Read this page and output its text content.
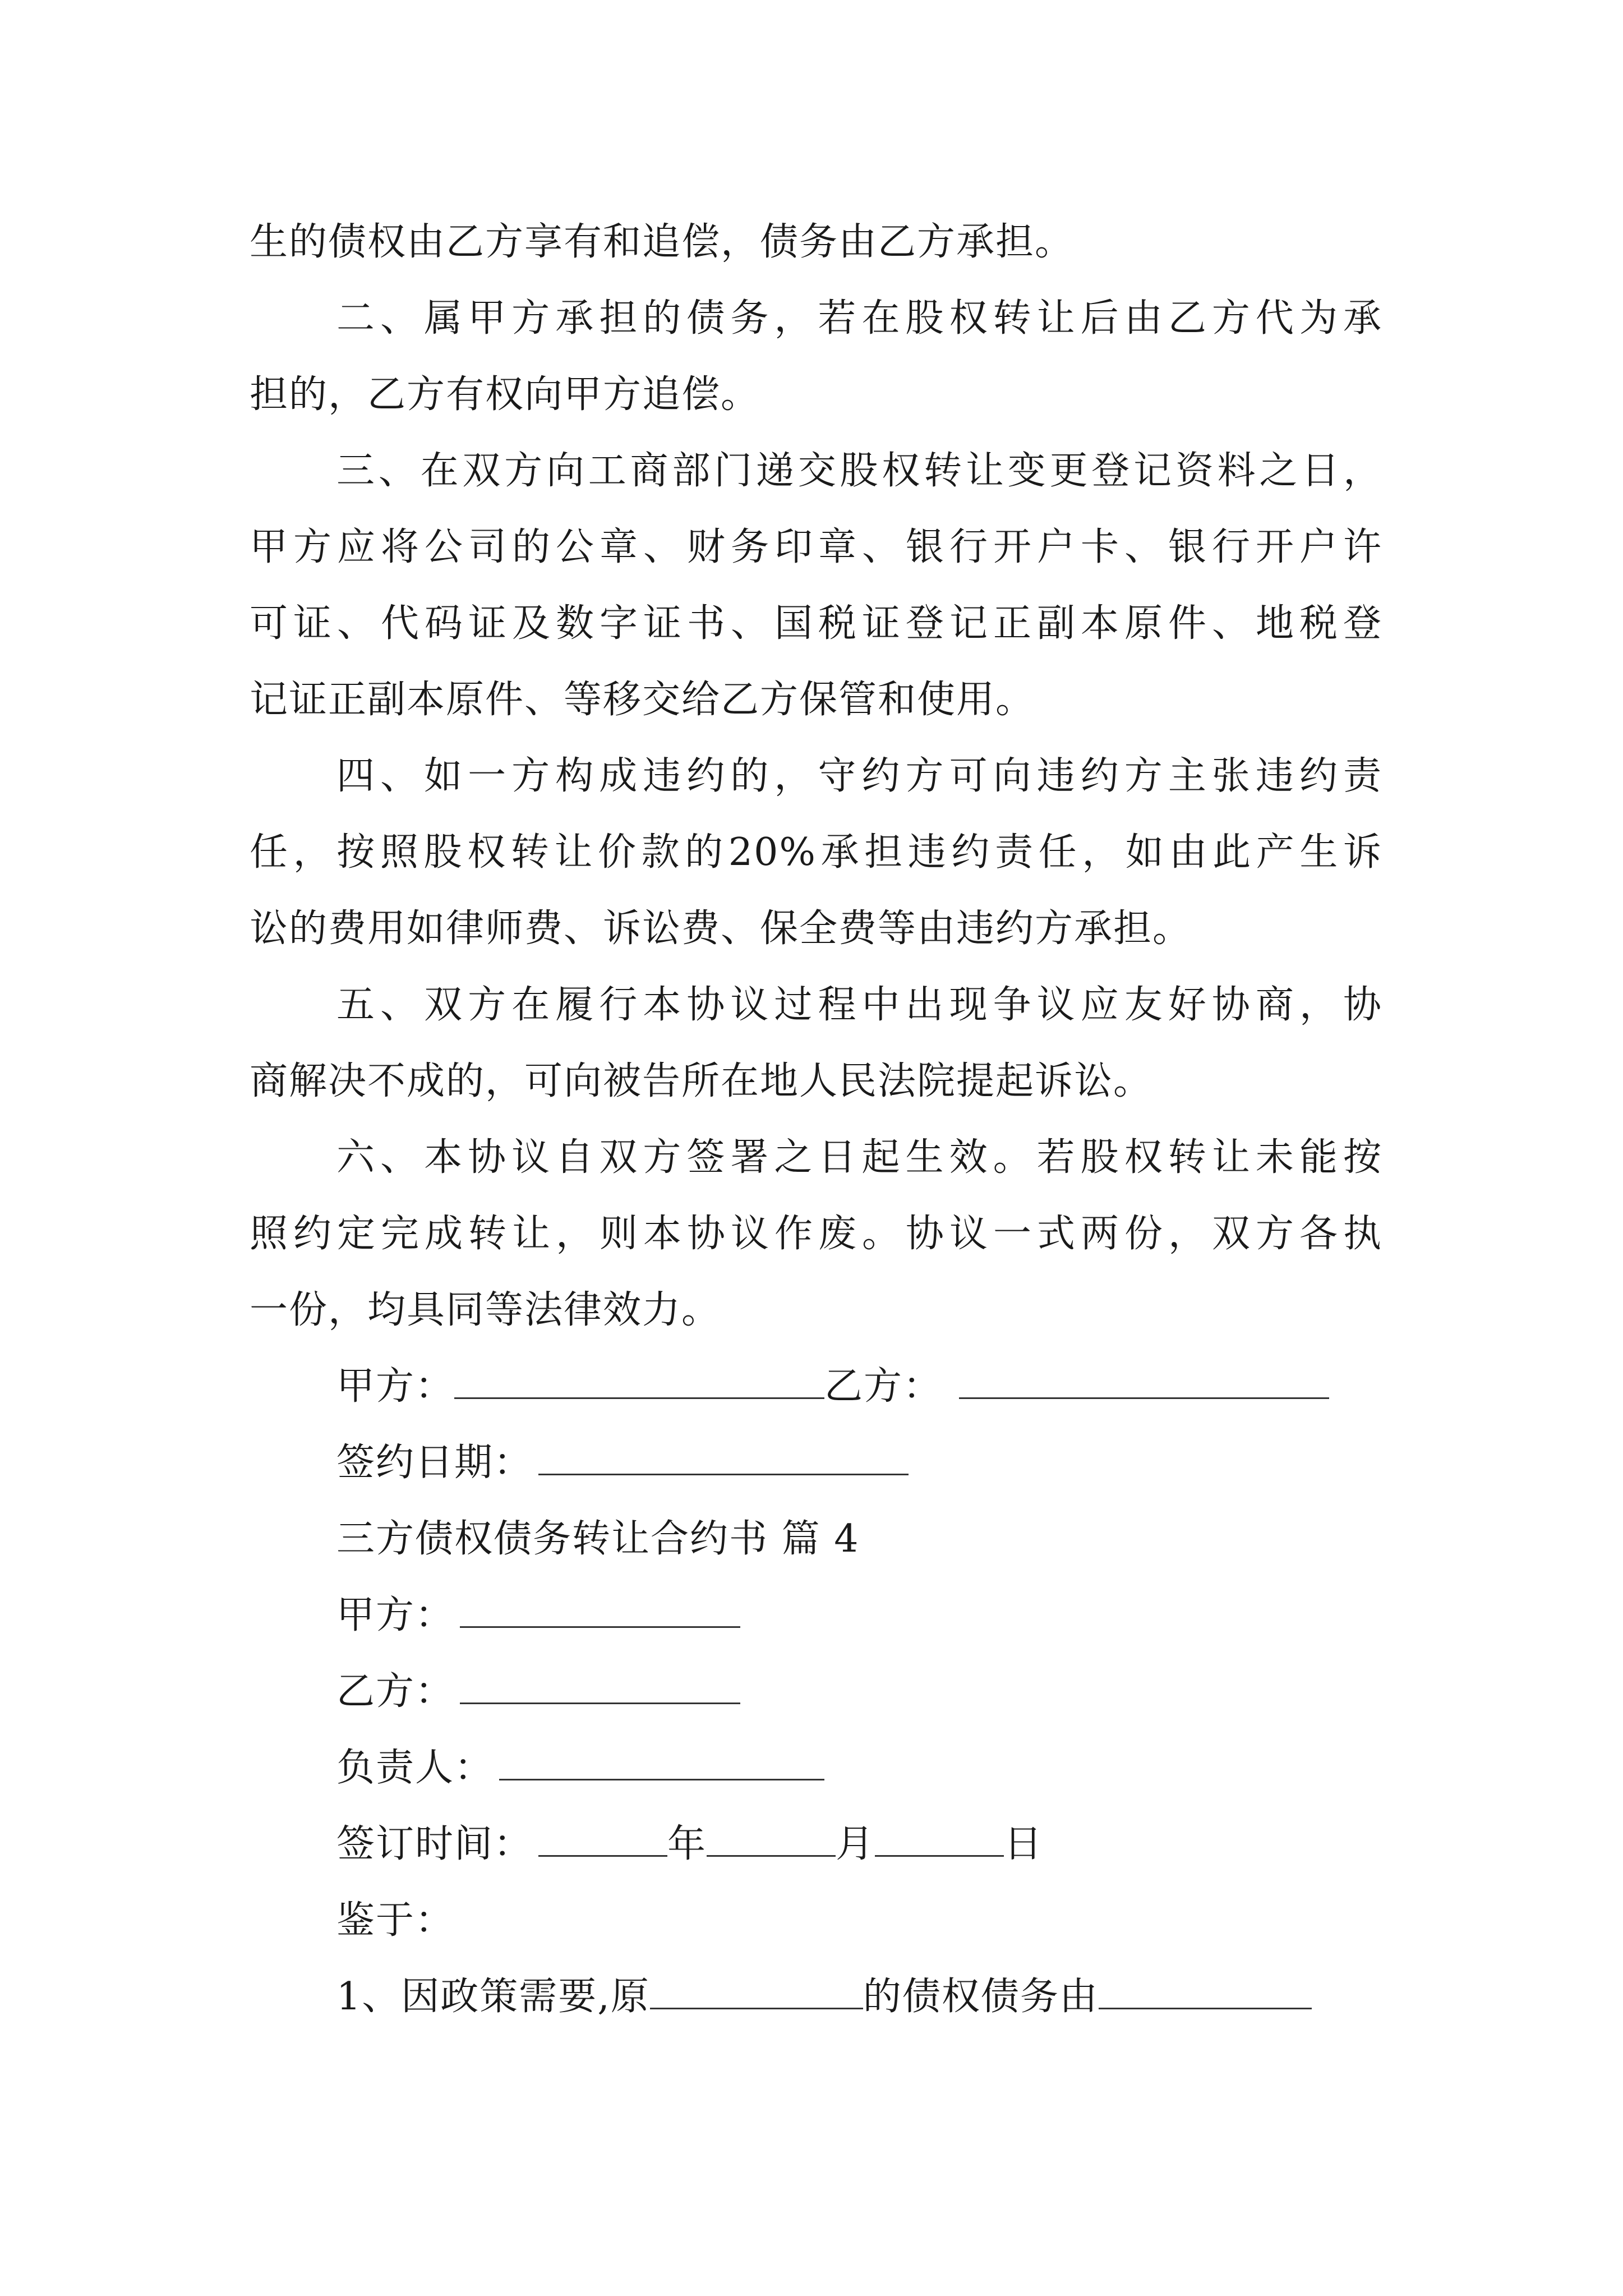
生的债权由乙方享有和追偿，债务由乙方承担。
二、属甲方承担的债务，若在股权转让后由乙方代为承
担的，乙方有权向甲方追偿。
三、在双方向工商部门递交股权转让变更登记资料之日，
甲方应将公司的公章、财务印章、银行开户卡、银行开户许
可证、代码证及数字证书、国税证登记正副本原件、地税登
记证正副本原件、等移交给乙方保管和使用。
四、如一方构成违约的，守约方可向违约方主张违约责
任，按照股权转让价款的20%承担违约责任，如由此产生诉
讼的费用如律师费、诉讼费、保全费等由违约方承担。
五、双方在履行本协议过程中出现争议应友好协商，协
商解决不成的，可向被告所在地人民法院提起诉讼。
六、本协议自双方签署之日起生效。若股权转让未能按
照约定完成转让，则本协议作废。协议一式两份，双方各执
一份，均具同等法律效力。
甲方：	乙方：
签约日期：
三方债权债务转让合约书 篇 4
甲方：
乙方：
负责人：
签订时间：	年	月	日
鉴于：
1、因政策需要,原	的债权债务由
